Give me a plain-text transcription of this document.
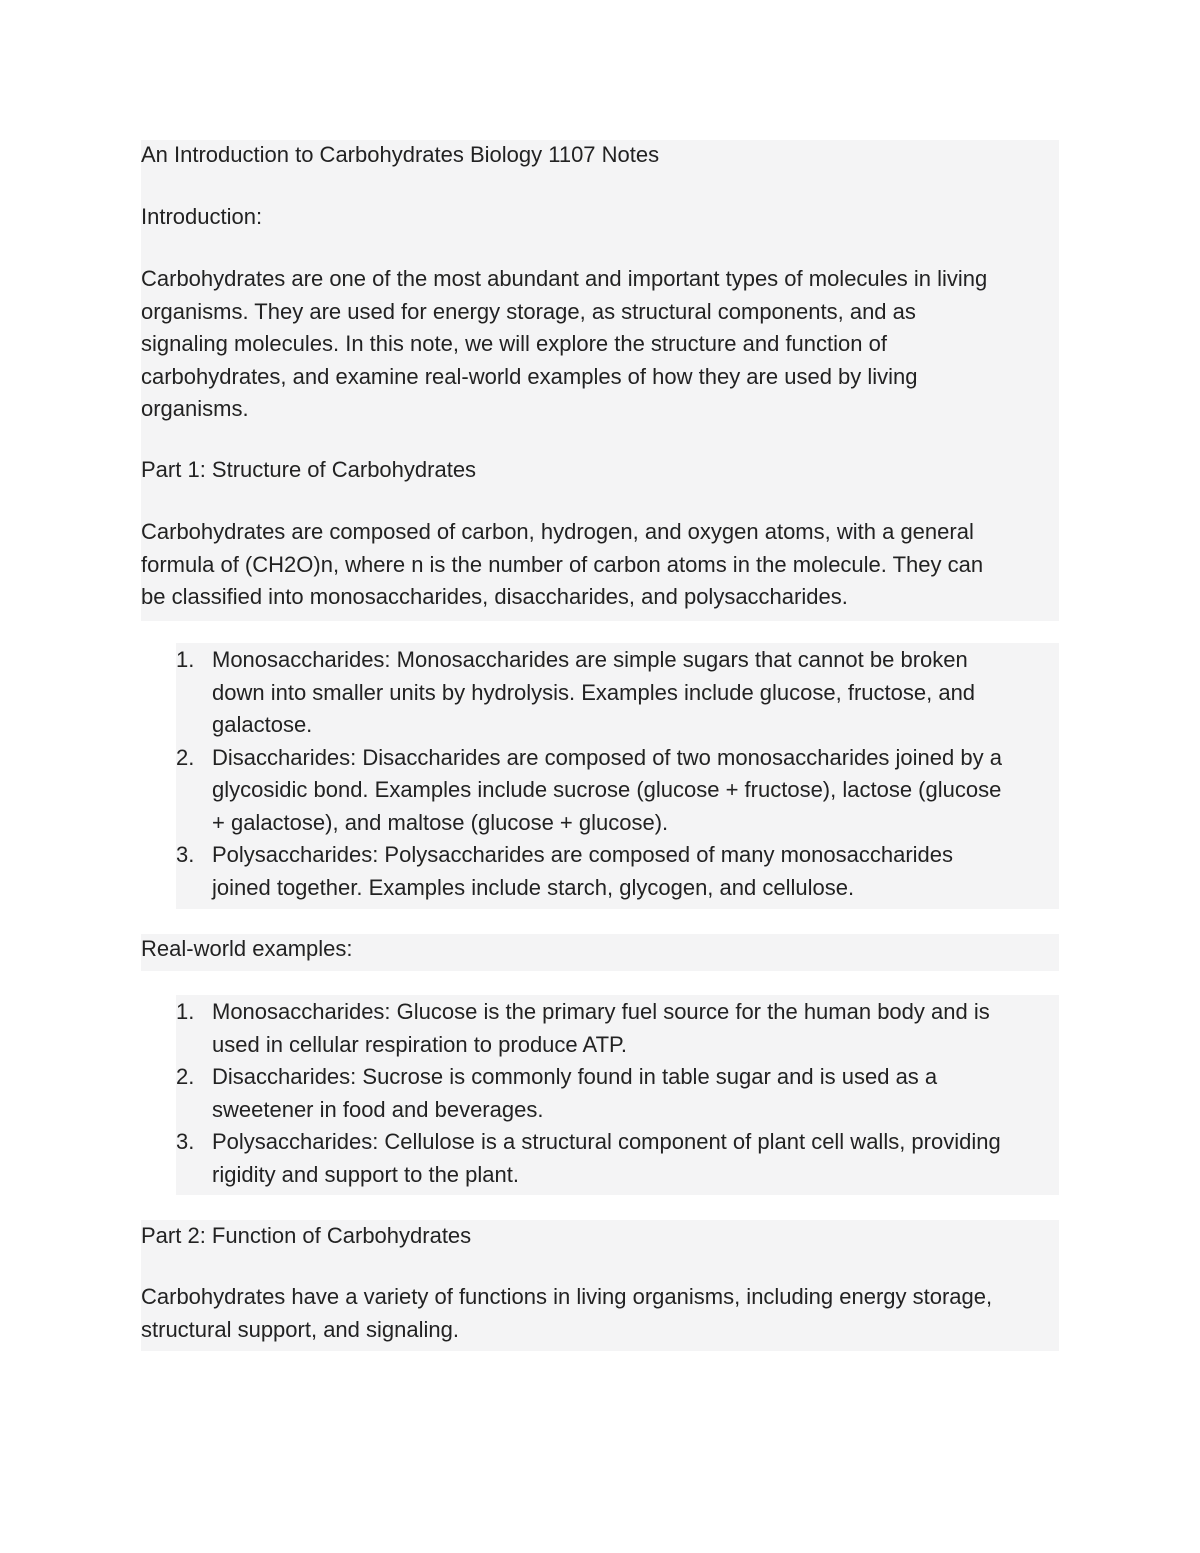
An Introduction to Carbohydrates Biology 1107 Notes

Introduction:

Carbohydrates are one of the most abundant and important types of molecules in living
organisms. They are used for energy storage, as structural components, and as
signaling molecules. In this note, we will explore the structure and function of
carbohydrates, and examine real-world examples of how they are used by living
organisms.

Part 1: Structure of Carbohydrates

Carbohydrates are composed of carbon, hydrogen, and oxygen atoms, with a general
formula of (CH2O)n, where n is the number of carbon atoms in the molecule. They can
be classified into monosaccharides, disaccharides, and polysaccharides.
1. Monosaccharides: Monosaccharides are simple sugars that cannot be broken
down into smaller units by hydrolysis. Examples include glucose, fructose, and
galactose.
2. Disaccharides: Disaccharides are composed of two monosaccharides joined by a
glycosidic bond. Examples include sucrose (glucose + fructose), lactose (glucose
+ galactose), and maltose (glucose + glucose).
3. Polysaccharides: Polysaccharides are composed of many monosaccharides
joined together. Examples include starch, glycogen, and cellulose.

Real-world examples:

1. Monosaccharides: Glucose is the primary fuel source for the human body and is
used in cellular respiration to produce ATP.
2. Disaccharides: Sucrose is commonly found in table sugar and is used as a
sweetener in food and beverages.
3. Polysaccharides: Cellulose is a structural component of plant cell walls, providing
rigidity and support to the plant.

Part 2: Function of Carbohydrates

Carbohydrates have a variety of functions in living organisms, including energy storage,
structural support, and signaling.
